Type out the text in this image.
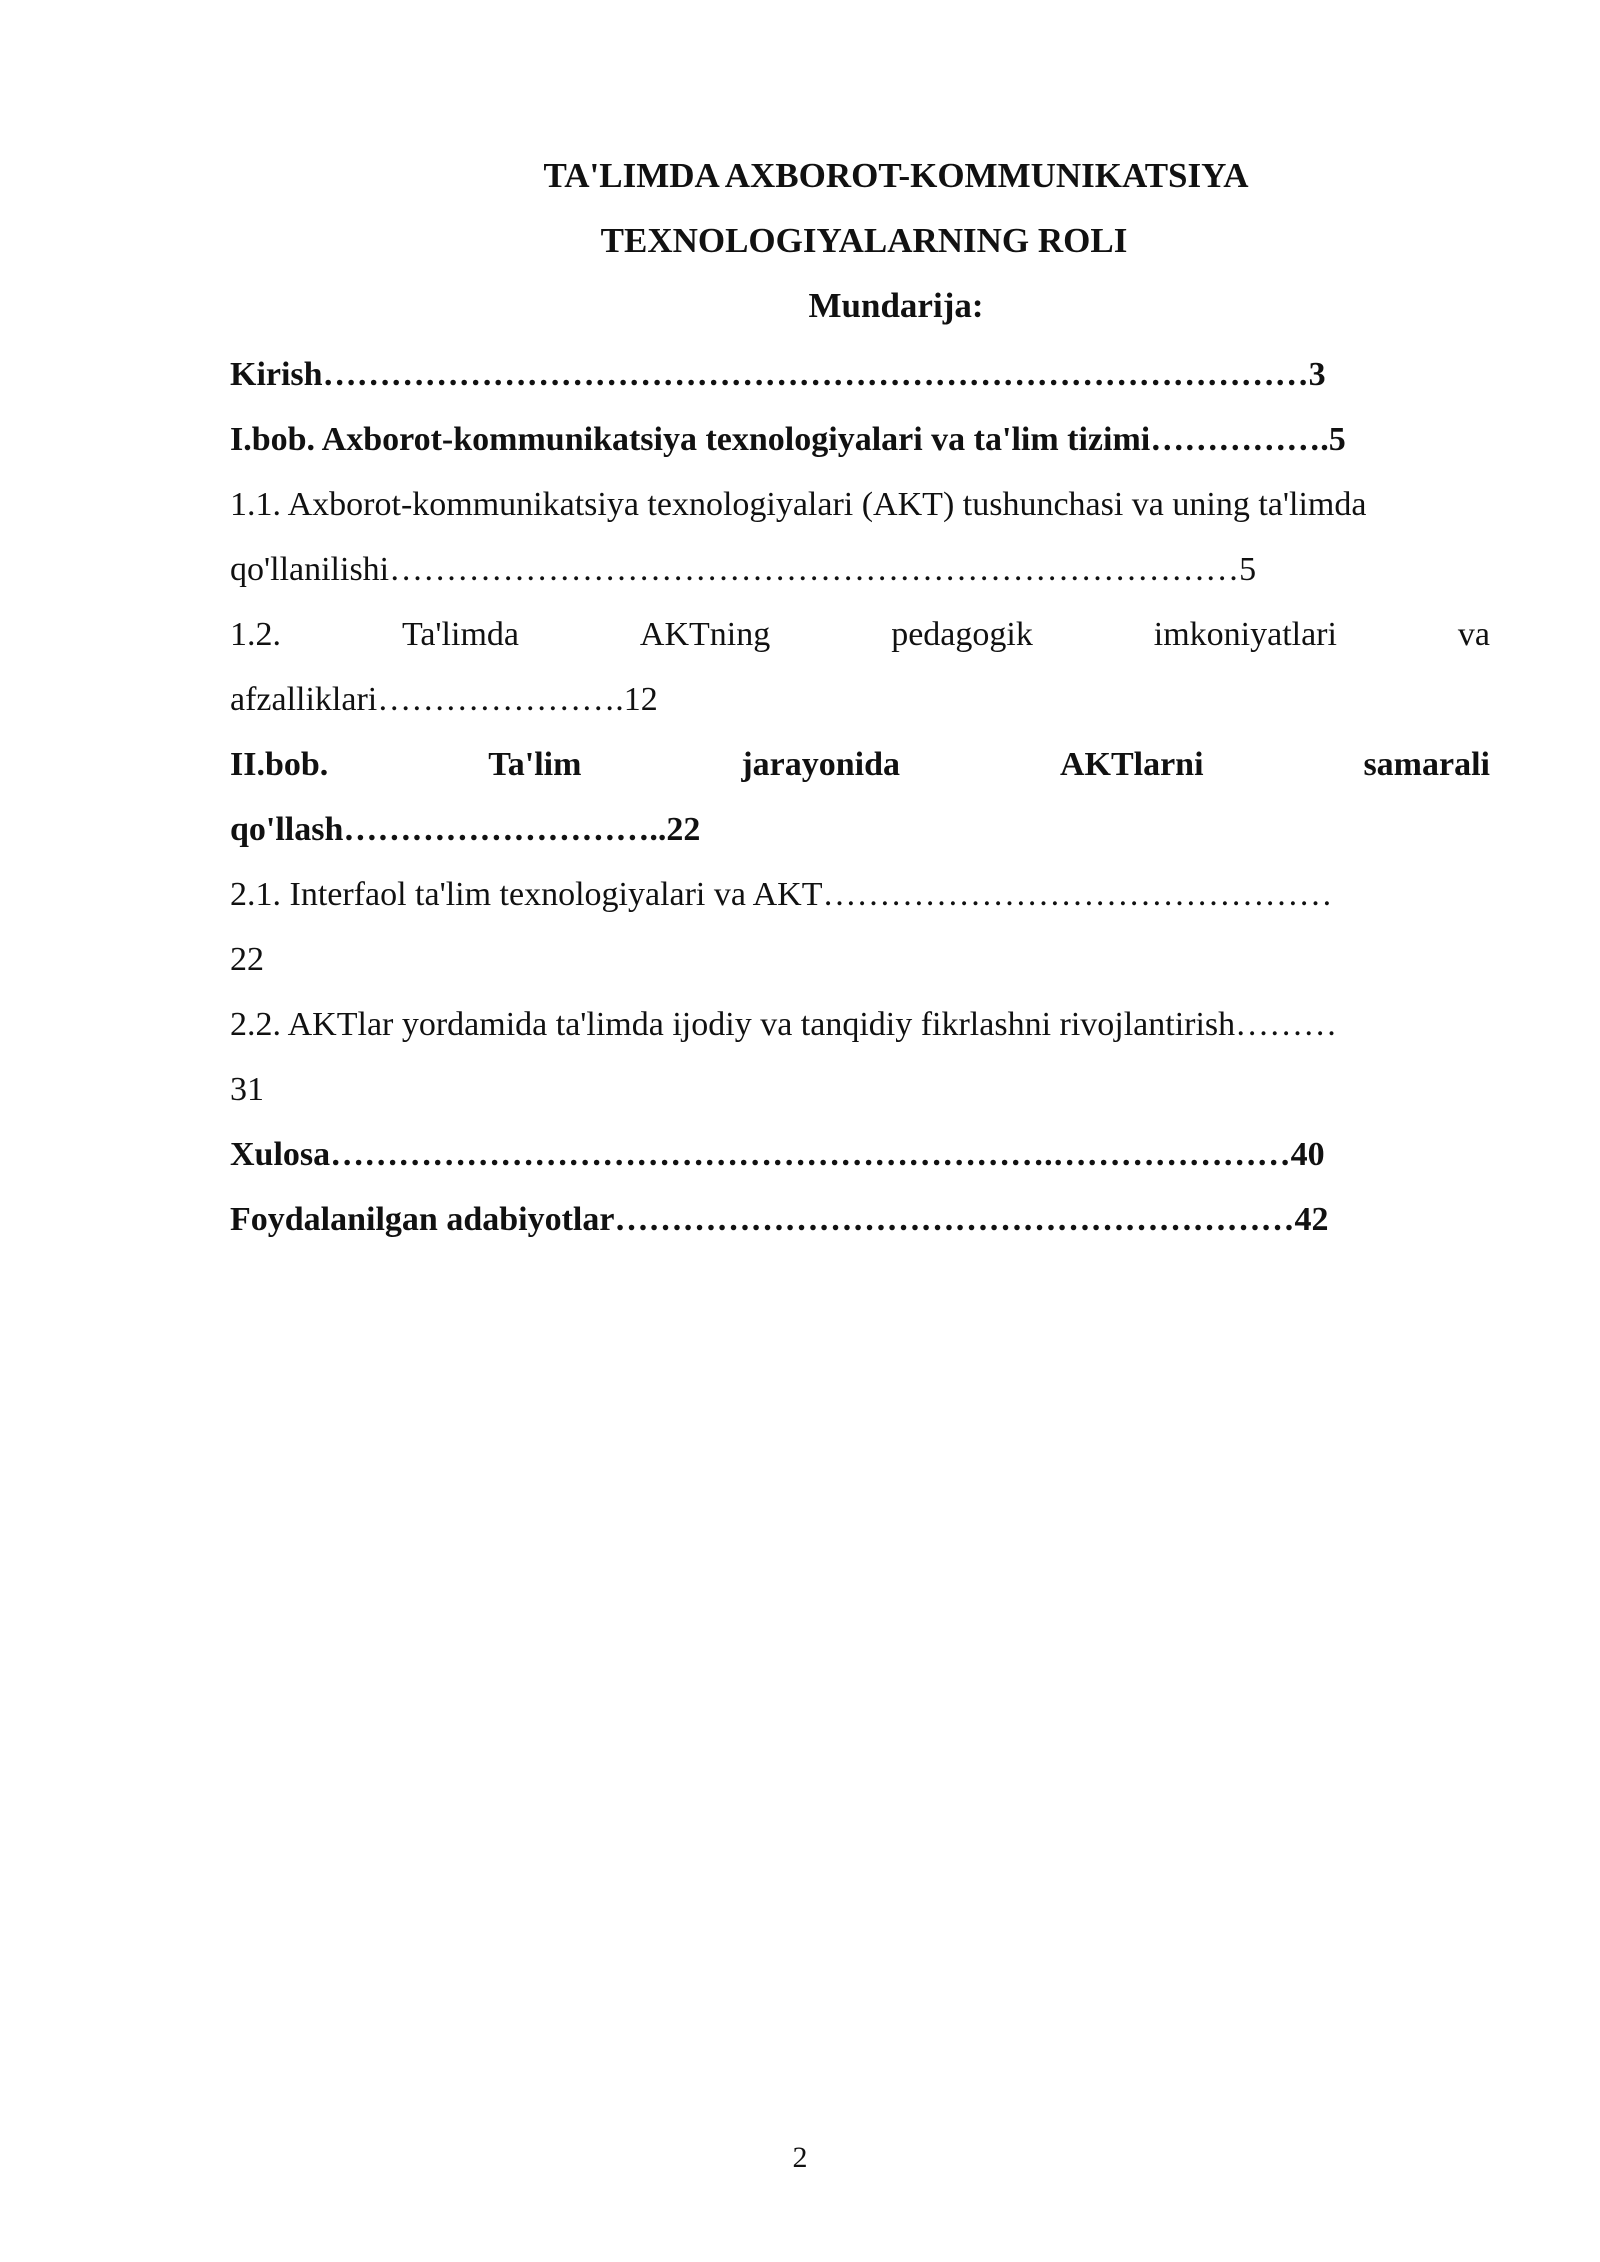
TA'LIMDA AXBOROT-KOMMUNIKATSIYA
TEXNOLOGIYALARNING ROLI
Mundarija:
Kirish……………………………………………………………………………3
I.bob. Axborot-kommunikatsiya texnologiyalari va ta'lim tizimi…………….5
1.1. Axborot-kommunikatsiya texnologiyalari (AKT) tushunchasi va uning ta'limda
qo'llanilishi…………………………………………………………………5
1.2.	Ta'limda	AKTning	pedagogik	imkoniyatlari	va
afzalliklari………………….12
II.bob.	Ta'lim	jarayonida	AKTlarni	samarali
qo'llash………………………..22
2.1. Interfaol ta'lim texnologiyalari va AKT………………………………………
22
2.2. AKTlar yordamida ta'limda ijodiy va tanqidiy fikrlashni rivojlantirish………
31
Xulosa……………………………………………………….…………………40
Foydalanilgan adabiyotlar……………………………………………………42
2
